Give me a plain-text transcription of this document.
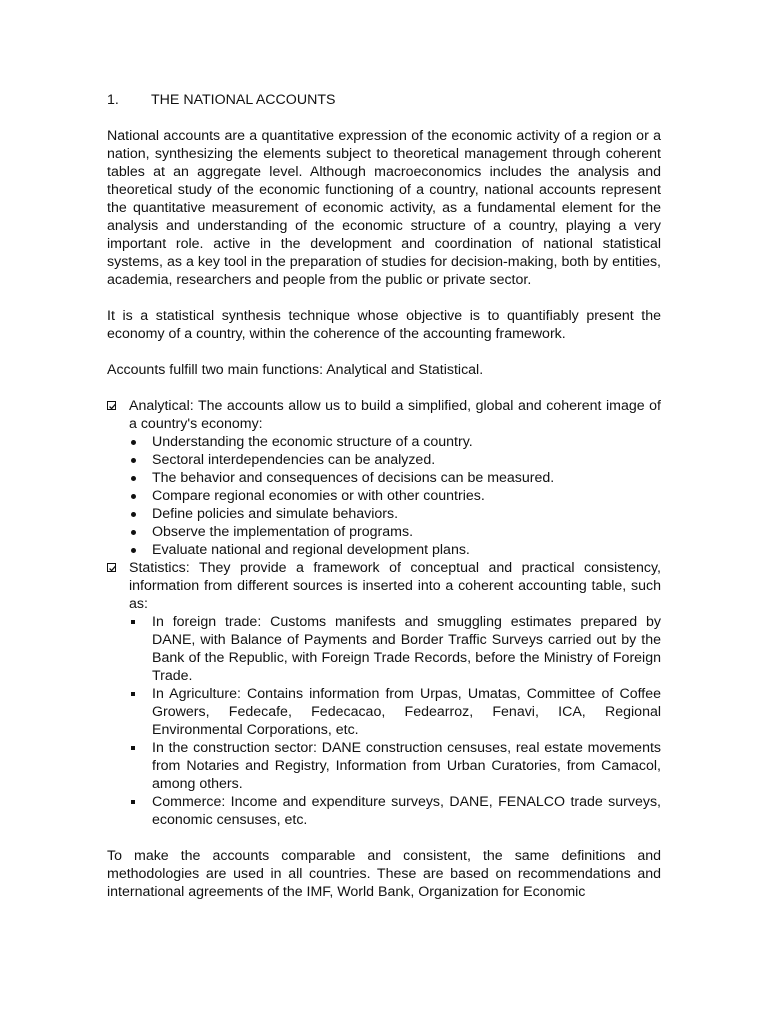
1.	THE NATIONAL ACCOUNTS

National accounts are a quantitative expression of the economic activity of a region or a nation, synthesizing the elements subject to theoretical management through coherent tables at an aggregate level. Although macroeconomics includes the analysis and theoretical study of the economic functioning of a country, national accounts represent the quantitative measurement of economic activity, as a fundamental element for the analysis and understanding of the economic structure of a country, playing a very important role. active in the development and coordination of national statistical systems, as a key tool in the preparation of studies for decision-making, both by entities, academia, researchers and people from the public or private sector.

It is a statistical synthesis technique whose objective is to quantifiably present the economy of a country, within the coherence of the accounting framework.

Accounts fulfill two main functions: Analytical and Statistical.

Analytical: The accounts allow us to build a simplified, global and coherent image of a country's economy:
Understanding the economic structure of a country.
Sectoral interdependencies can be analyzed.
The behavior and consequences of decisions can be measured.
Compare regional economies or with other countries.
Define policies and simulate behaviors.
Observe the implementation of programs.
Evaluate national and regional development plans.
Statistics: They provide a framework of conceptual and practical consistency, information from different sources is inserted into a coherent accounting table, such as:
In foreign trade: Customs manifests and smuggling estimates prepared by DANE, with Balance of Payments and Border Traffic Surveys carried out by the Bank of the Republic, with Foreign Trade Records, before the Ministry of Foreign Trade.
In Agriculture: Contains information from Urpas, Umatas, Committee of Coffee Growers, Fedecafe, Fedecacao, Fedearroz, Fenavi, ICA, Regional Environmental Corporations, etc.
In the construction sector: DANE construction censuses, real estate movements from Notaries and Registry, Information from Urban Curatories, from Camacol, among others.
Commerce: Income and expenditure surveys, DANE, FENALCO trade surveys, economic censuses, etc.

To make the accounts comparable and consistent, the same definitions and methodologies are used in all countries. These are based on recommendations and international agreements of the IMF, World Bank, Organization for Economic
